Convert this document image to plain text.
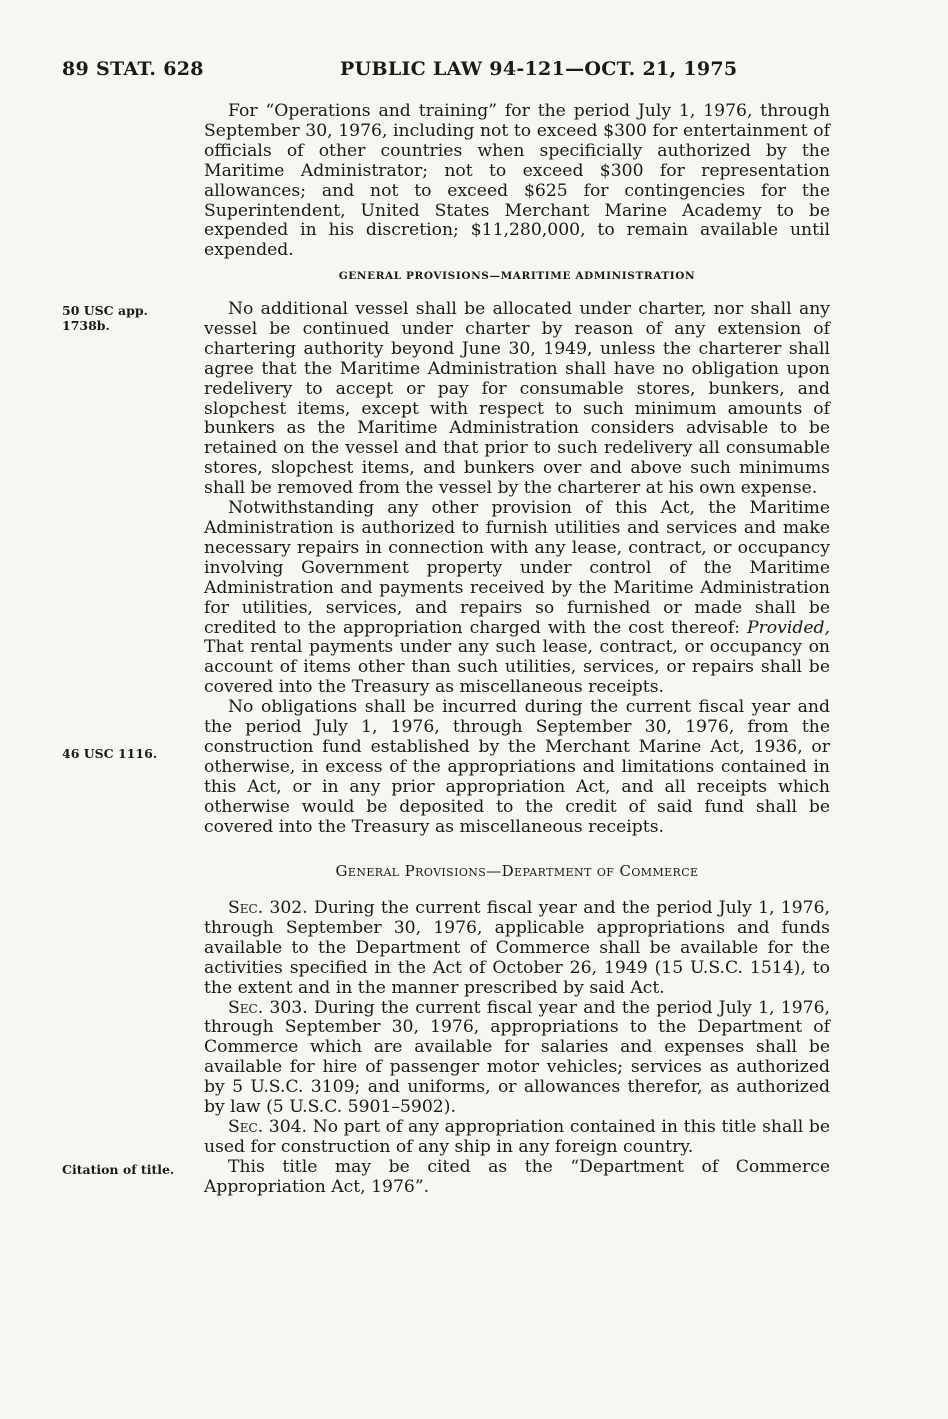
89 STAT. 628	PUBLIC LAW 94-121—OCT. 21, 1975

For “Operations and training” for the period July 1, 1976, through September 30, 1976, including not to exceed $300 for entertainment of officials of other countries when specificially authorized by the Maritime Administrator; not to exceed $300 for representation allowances; and not to exceed $625 for contingencies for the Superintendent, United States Merchant Marine Academy to be expended in his discretion; $11,280,000, to remain available until expended.

GENERAL PROVISIONS—MARITIME ADMINISTRATION
50 USC app.
1738b.

No additional vessel shall be allocated under charter, nor shall any vessel be continued under charter by reason of any extension of chartering authority beyond June 30, 1949, unless the charterer shall agree that the Maritime Administration shall have no obligation upon redelivery to accept or pay for consumable stores, bunkers, and slopchest items, except with respect to such minimum amounts of bunkers as the Maritime Administration considers advisable to be retained on the vessel and that prior to such redelivery all consumable stores, slopchest items, and bunkers over and above such minimums shall be removed from the vessel by the charterer at his own expense.

Notwithstanding any other provision of this Act, the Maritime Administration is authorized to furnish utilities and services and make necessary repairs in connection with any lease, contract, or occupancy involving Government property under control of the Maritime Administration and payments received by the Maritime Administration for utilities, services, and repairs so furnished or made shall be credited to the appropriation charged with the cost thereof: Provided, That rental payments under any such lease, contract, or occupancy on account of items other than such utilities, services, or repairs shall be covered into the Treasury as miscellaneous receipts.

No obligations shall be incurred during the current fiscal year and the period July 1, 1976, through September 30, 1976, from the construction fund established by the Merchant Marine Act, 1936, or otherwise, in excess of the appropriations and limitations contained in this Act, or in any prior appropriation Act, and all receipts which otherwise would be deposited to the credit of said fund shall be covered into the Treasury as miscellaneous receipts.

46 USC 1116.
General Provisions—Department of Commerce

Sec. 302. During the current fiscal year and the period July 1, 1976, through September 30, 1976, applicable appropriations and funds available to the Department of Commerce shall be available for the activities specified in the Act of October 26, 1949 (15 U.S.C. 1514), to the extent and in the manner prescribed by said Act.

Sec. 303. During the current fiscal year and the period July 1, 1976, through September 30, 1976, appropriations to the Department of Commerce which are available for salaries and expenses shall be available for hire of passenger motor vehicles; services as authorized by 5 U.S.C. 3109; and uniforms, or allowances therefor, as authorized by law (5 U.S.C. 5901–5902).

Sec. 304. No part of any appropriation contained in this title shall be used for construction of any ship in any foreign country.

This title may be cited as the “Department of Commerce Appropriation Act, 1976”.

Citation of title.
